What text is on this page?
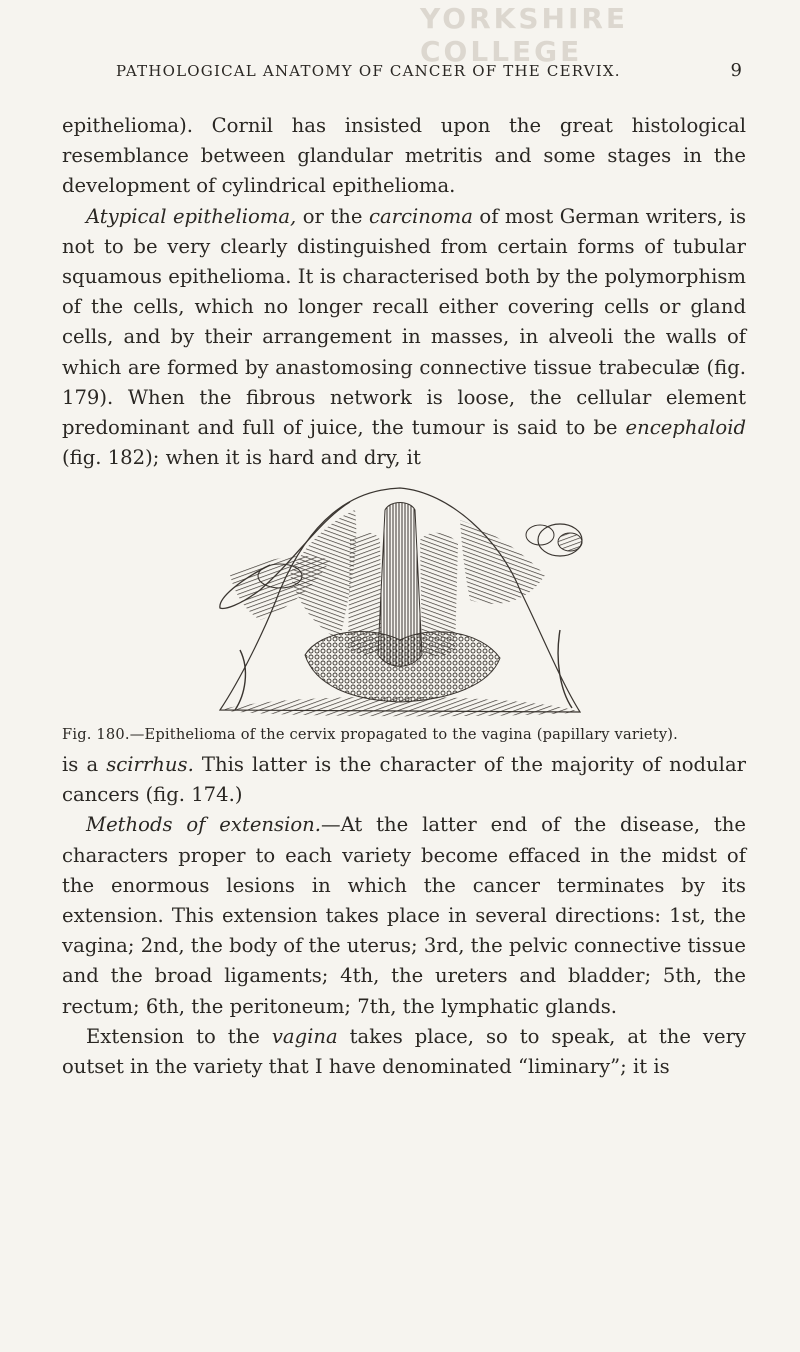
YORKSHIRE COLLEGE
PATHOLOGICAL ANATOMY OF CANCER OF THE CERVIX.	9

epithelioma). Cornil has insisted upon the great histological resemblance between glandular metritis and some stages in the development of cylindrical epithelioma.

Atypical epithelioma, or the carcinoma of most German writers, is not to be very clearly distinguished from certain forms of tubular squamous epithelioma. It is characterised both by the polymorphism of the cells, which no longer recall either covering cells or gland cells, and by their arrangement in masses, in alveoli the walls of which are formed by anastomosing connective tissue trabeculæ (fig. 179). When the fibrous network is loose, the cellular element predominant and full of juice, the tumour is said to be encephaloid (fig. 182); when it is hard and dry, it

Fig. 180.—Epithelioma of the cervix propagated to the vagina (papillary variety).

is a scirrhus. This latter is the character of the majority of nodular cancers (fig. 174.)

Methods of extension.—At the latter end of the disease, the characters proper to each variety become effaced in the midst of the enormous lesions in which the cancer terminates by its extension. This extension takes place in several directions: 1st, the vagina; 2nd, the body of the uterus; 3rd, the pelvic connective tissue and the broad ligaments; 4th, the ureters and bladder; 5th, the rectum; 6th, the peritoneum; 7th, the lymphatic glands.

Extension to the vagina takes place, so to speak, at the very outset in the variety that I have denominated “liminary”; it is
